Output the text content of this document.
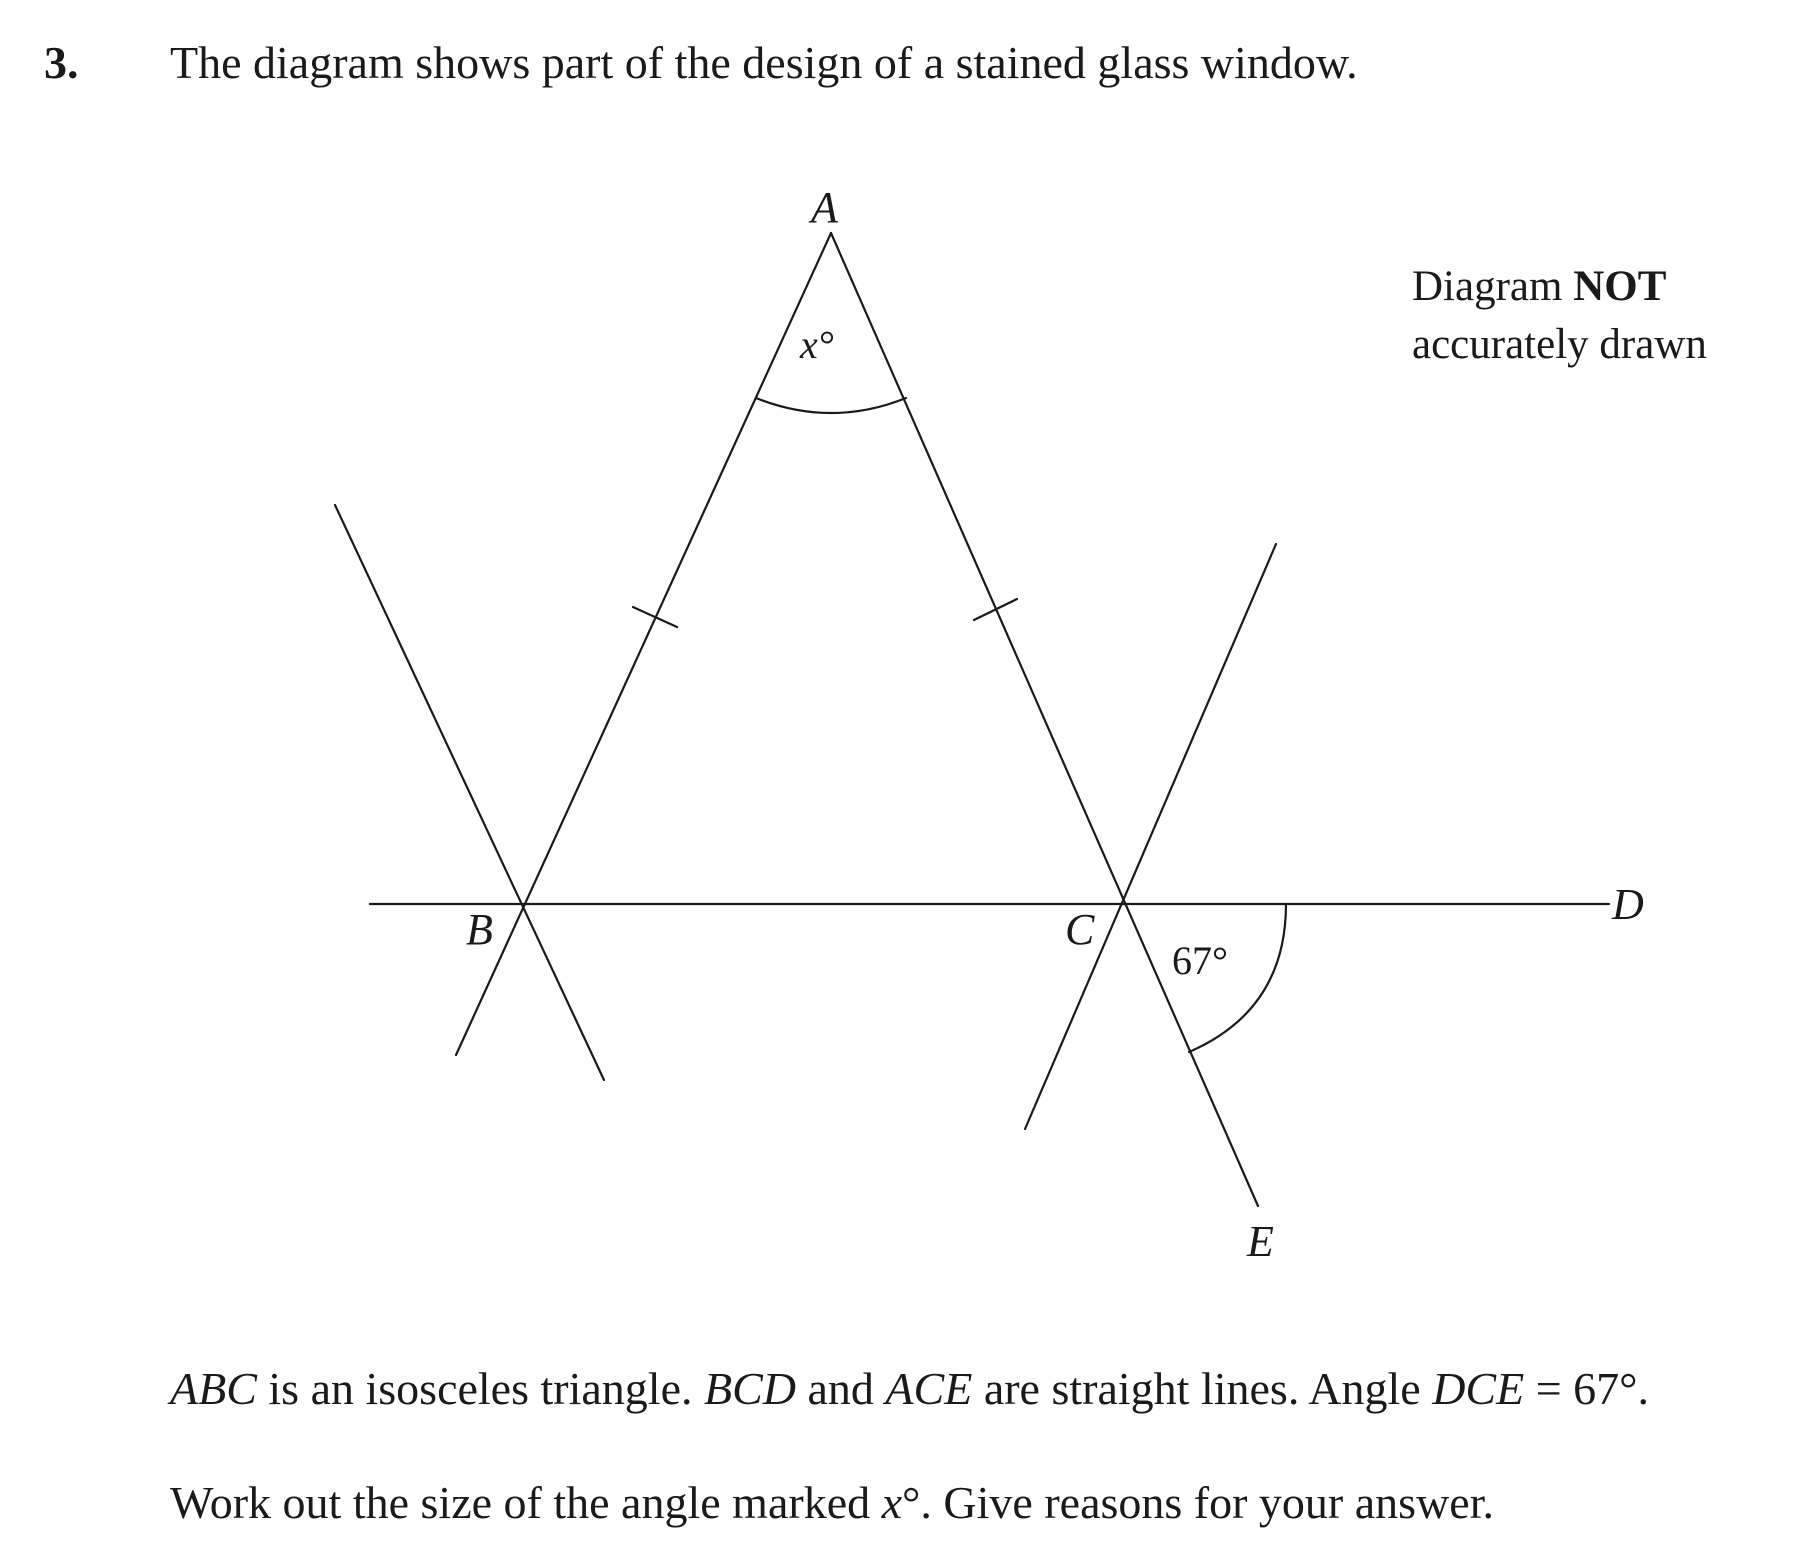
3. The diagram shows part of the design of a stained glass window.
A
B	C
D
E
x°
67°
Diagram NOT
accurately drawn
ABC is an isosceles triangle. BCD and ACE are straight lines. Angle DCE = 67°.
Work out the size of the angle marked x°. Give reasons for your answer.
